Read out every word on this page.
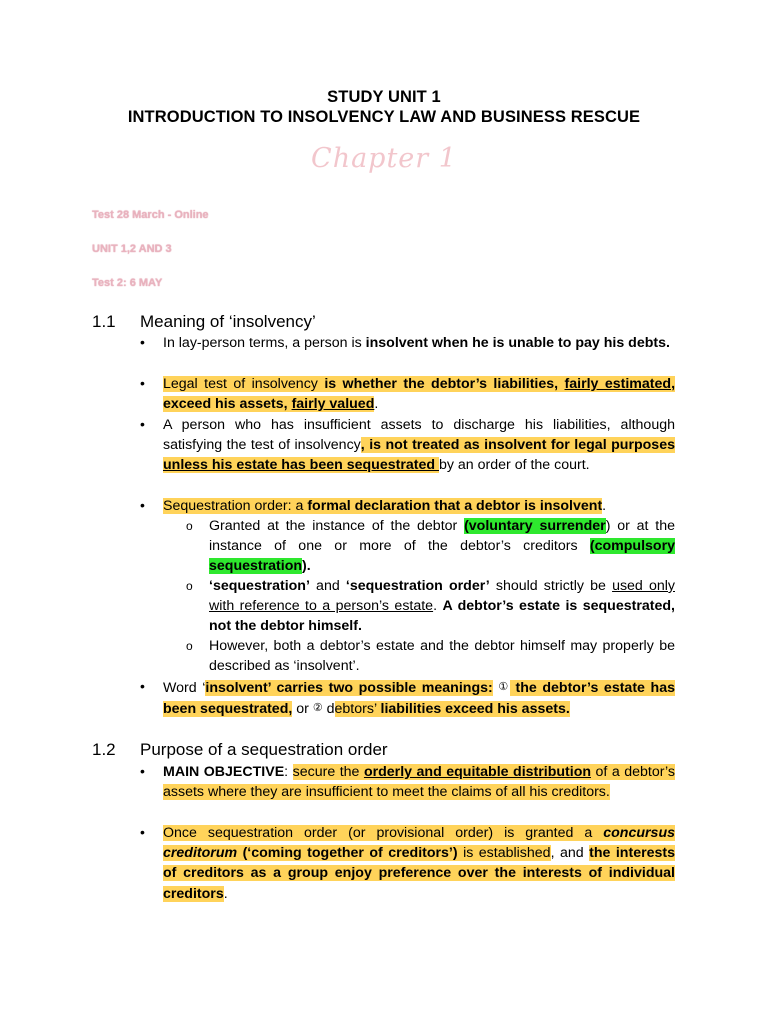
STUDY UNIT 1
INTRODUCTION TO INSOLVENCY LAW AND BUSINESS RESCUE
Chapter 1
Test 28 March - Online
UNIT 1,2 AND 3
Test 2: 6 MAY
1.1 Meaning of ‘insolvency’
• In lay-person terms, a person is insolvent when he is unable to pay his debts.
• Legal test of insolvency is whether the debtor’s liabilities, fairly estimated, exceed his assets, fairly valued.
• A person who has insufficient assets to discharge his liabilities, although satisfying the test of insolvency, is not treated as insolvent for legal purposes unless his estate has been sequestrated by an order of the court.
• Sequestration order: a formal declaration that a debtor is insolvent.
o Granted at the instance of the debtor (voluntary surrender) or at the instance of one or more of the debtor’s creditors (compulsory sequestration).
o ‘sequestration’ and ‘sequestration order’ should strictly be used only with reference to a person’s estate. A debtor’s estate is sequestrated, not the debtor himself.
o However, both a debtor’s estate and the debtor himself may properly be described as ‘insolvent’.
• Word ‘insolvent’ carries two possible meanings: ① the debtor’s estate has been sequestrated, or ② debtors’ liabilities exceed his assets.
1.2 Purpose of a sequestration order
• MAIN OBJECTIVE: secure the orderly and equitable distribution of a debtor’s assets where they are insufficient to meet the claims of all his creditors.
• Once sequestration order (or provisional order) is granted a concursus creditorum (‘coming together of creditors’) is established, and the interests of creditors as a group enjoy preference over the interests of individual creditors.
